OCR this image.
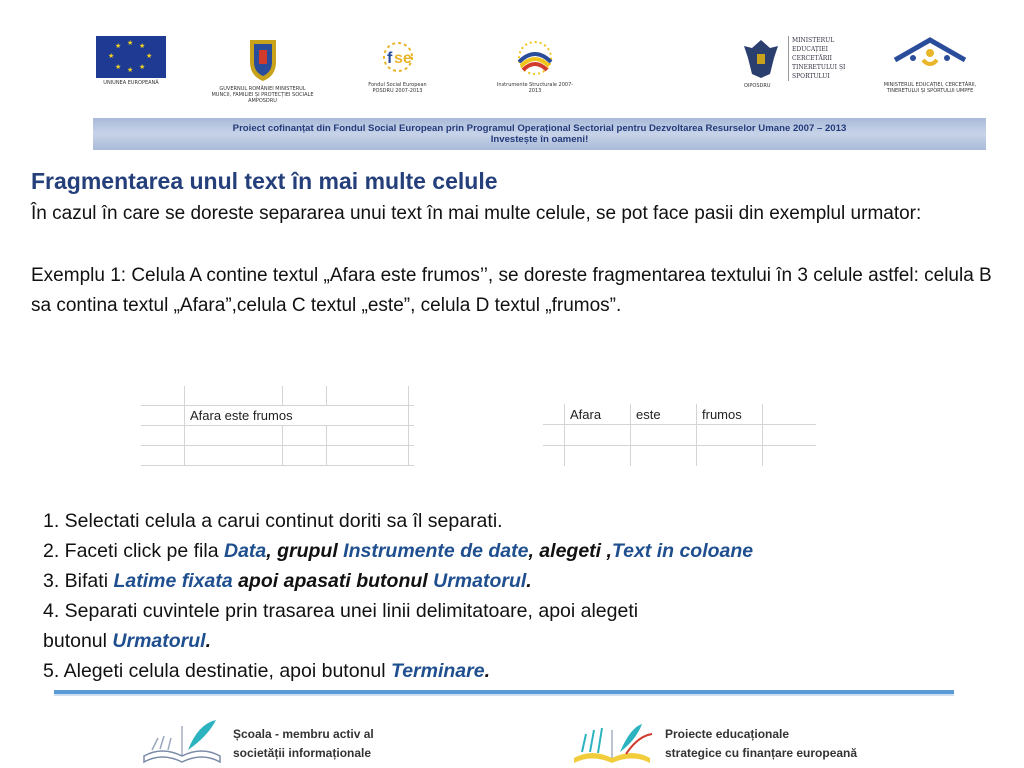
★ ★
★
★
★
★
★
★
UNIUNEA EUROPEANĂ
GUVERNUL ROMÂNIEI MINISTERUL MUNCII, FAMILIEI ȘI PROTECȚIEI SOCIALE AMPOSDRU
f se
Fondul Social European POSDRU 2007-2013
Instrumente Structurale 2007-2013
MINISTERUL EDUCAȚIEI CERCETĂRII TINERETULUI ȘI SPORTULUI
OIPOSDRU	MINISTERUL EDUCAȚIEI, CERCETĂRII, TINERETULUI ȘI SPORTULUI UMPFE
Proiect cofinanțat din Fondul Social European prin Programul Operațional Sectorial pentru Dezvoltarea Resurselor Umane 2007 – 2013
Investește în oameni!
Fragmentarea unul text în mai multe celule
În cazul în care se doreste separarea unui text în mai multe celule, se pot face pasii din exemplul urmator:
Exemplu 1: Celula A contine textul „Afara este frumos’’, se doreste fragmentarea textului în 3 celule astfel: celula B sa contina textul „Afara”,celula C textul „este”, celula D textul „frumos”.

	Afara este frumos			

		Afara	este	frumos	

1. Selectati celula a carui continut doriti sa îl separati.
2. Faceti click pe fila Data, grupul Instrumente de date, alegeti ,Text in coloane
3. Bifati Latime fixata apoi apasati butonul Urmatorul.
4. Separati cuvintele prin trasarea unei linii delimitatoare, apoi alegeti
butonul Urmatorul.
5. Alegeti celula destinatie, apoi butonul Terminare.
Școala - membru activ al
societății informaționale
Proiecte educaționale
strategice cu finanțare europeană
